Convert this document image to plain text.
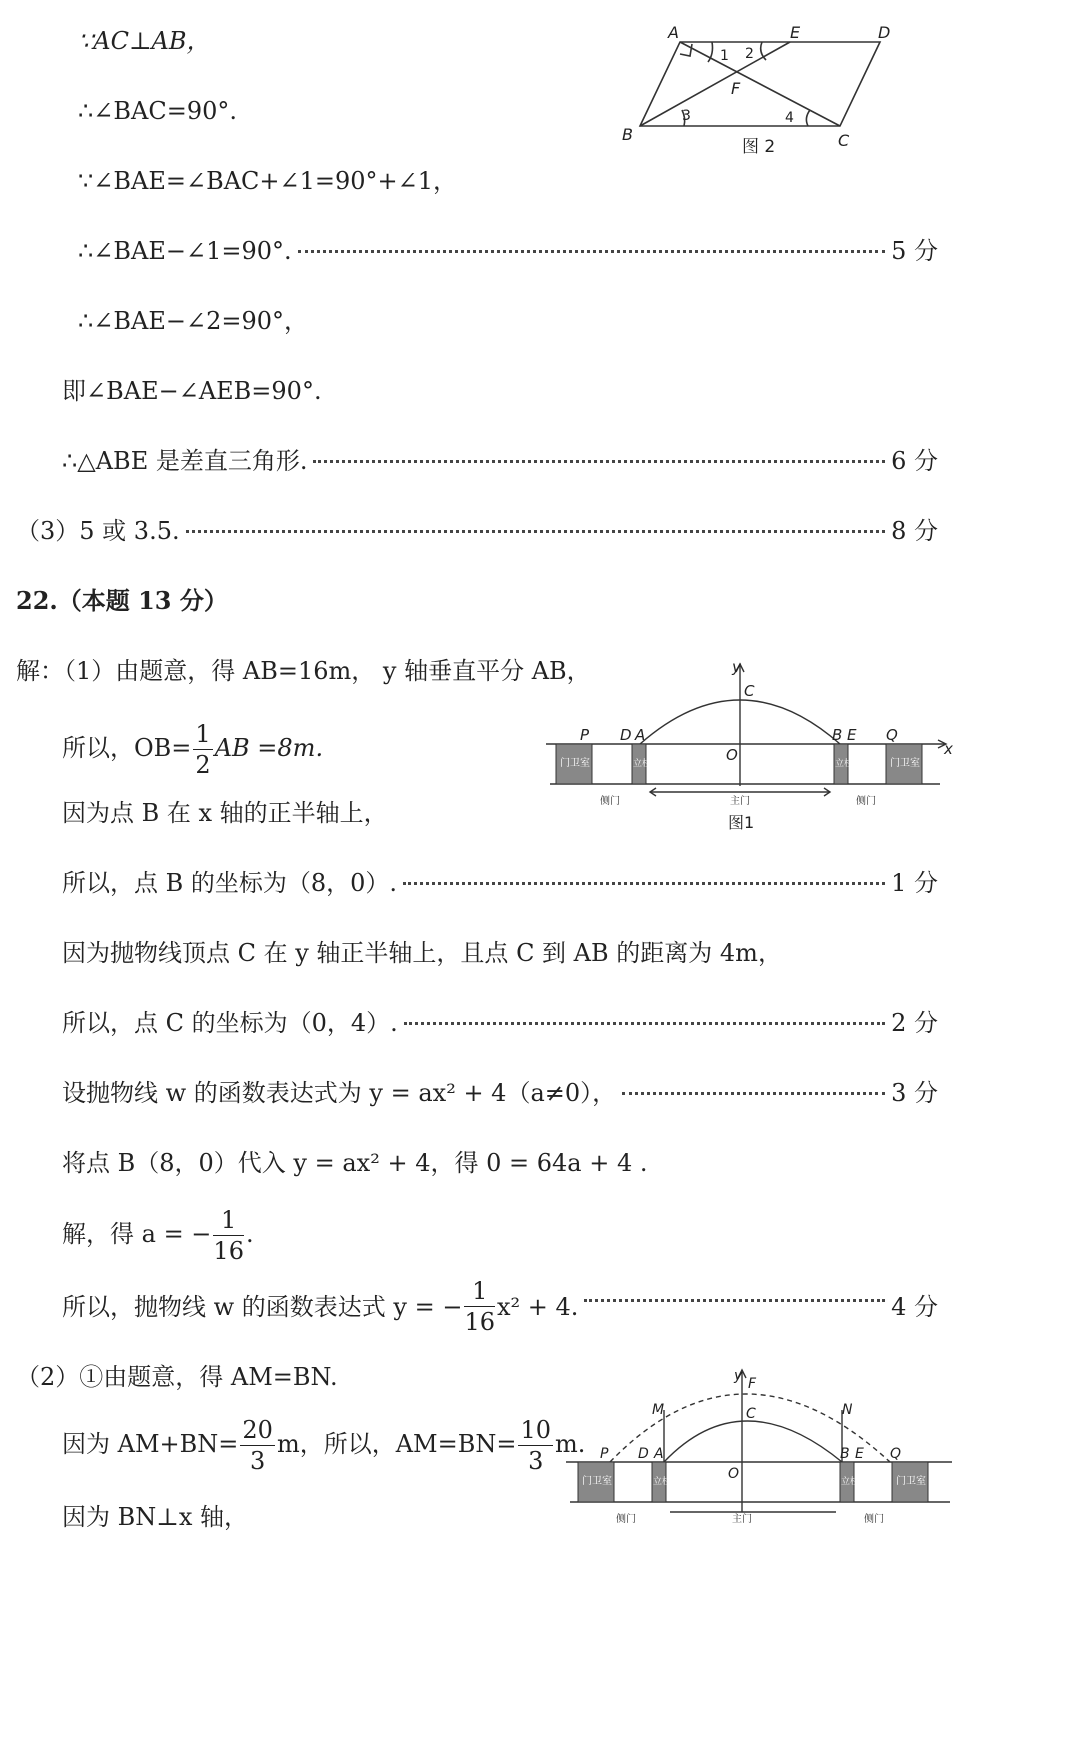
∵AC⊥AB，
∴∠BAC=90°.
∵∠BAE=∠BAC+∠1=90°+∠1，
∴∠BAE−∠1=90°.	5 分
∴∠BAE−∠2=90°，
即∠BAE−∠AEB=90°.
∴△ABE 是差直三角形.	6 分
（3）5 或 3.5.	8 分
A	E	D
F
B	C
1 2
3	4
图 2
22.（本题 13 分）
解：（1）由题意，得 AB=16m， y 轴垂直平分 AB，
所以，$OB= \frac{1}{2}$ AB =8m.
因为点 B 在 x 轴的正半轴上，
所以，点 B 的坐标为（8，0）.	1 分
因为抛物线顶点 C 在 y 轴正半轴上，且点 C 到 AB 的距离为 4m，
所以，点 C 的坐标为（0，4）.	2 分
设抛物线 w 的函数表达式为 y = ax² + 4（a≠0），	3 分
将点 B（8，0）代入 y = ax² + 4，得 0 = 64a + 4 .
解，得 a = − $\frac{1}{16}$ .
所以，抛物线 w 的函数表达式 y = − $\frac{1}{16} x^2 + 4$.	4 分
（2）①由题意，得 AM=BN.
因为 $AM+BN= \frac{20}{3}$ m，所以，$AM=BN= \frac{10}{3} m$.
因为 BN⊥x 轴，
y
C
P D A
O
B E Q
x
门卫室	门卫室
立柱	立柱
主门
侧门	侧门
图1
y F
M	N
C
P D A
O
B E Q
门卫室	门卫室
立柱	立柱
主门
侧门	侧门
